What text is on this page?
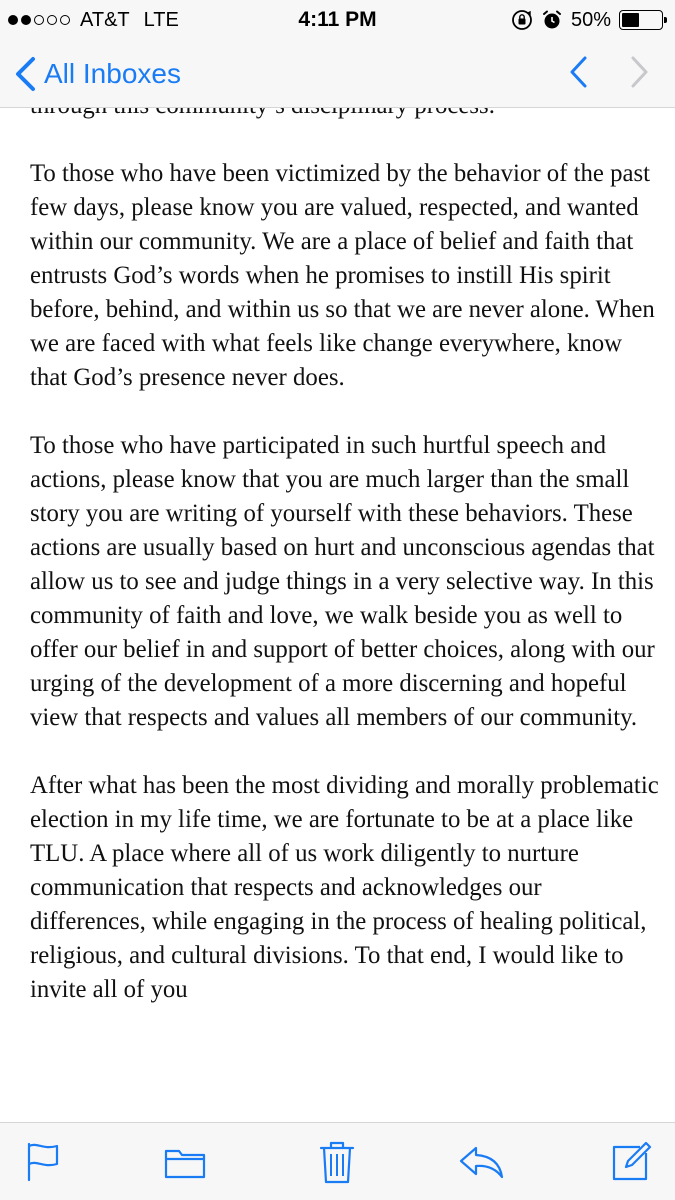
AT&T LTE	4:11 PM	50%
All Inboxes

To those who have been victimized by the behavior of the past few days, please know you are valued, respected, and wanted within our community. We are a place of belief and faith that entrusts God’s words when he promises to instill His spirit before, behind, and within us so that we are never alone. When we are faced with what feels like change everywhere, know that God’s presence never does.

To those who have participated in such hurtful speech and actions, please know that you are much larger than the small story you are writing of yourself with these behaviors. These actions are usually based on hurt and unconscious agendas that allow us to see and judge things in a very selective way. In this community of faith and love, we walk beside you as well to offer our belief in and support of better choices, along with our urging of the development of a more discerning and hopeful view that respects and values all members of our community.

After what has been the most dividing and morally problematic election in my life time, we are fortunate to be at a place like TLU. A place where all of us work diligently to nurture communication that respects and acknowledges our differences, while engaging in the process of healing political, religious, and cultural divisions. To that end, I would like to invite all of you
